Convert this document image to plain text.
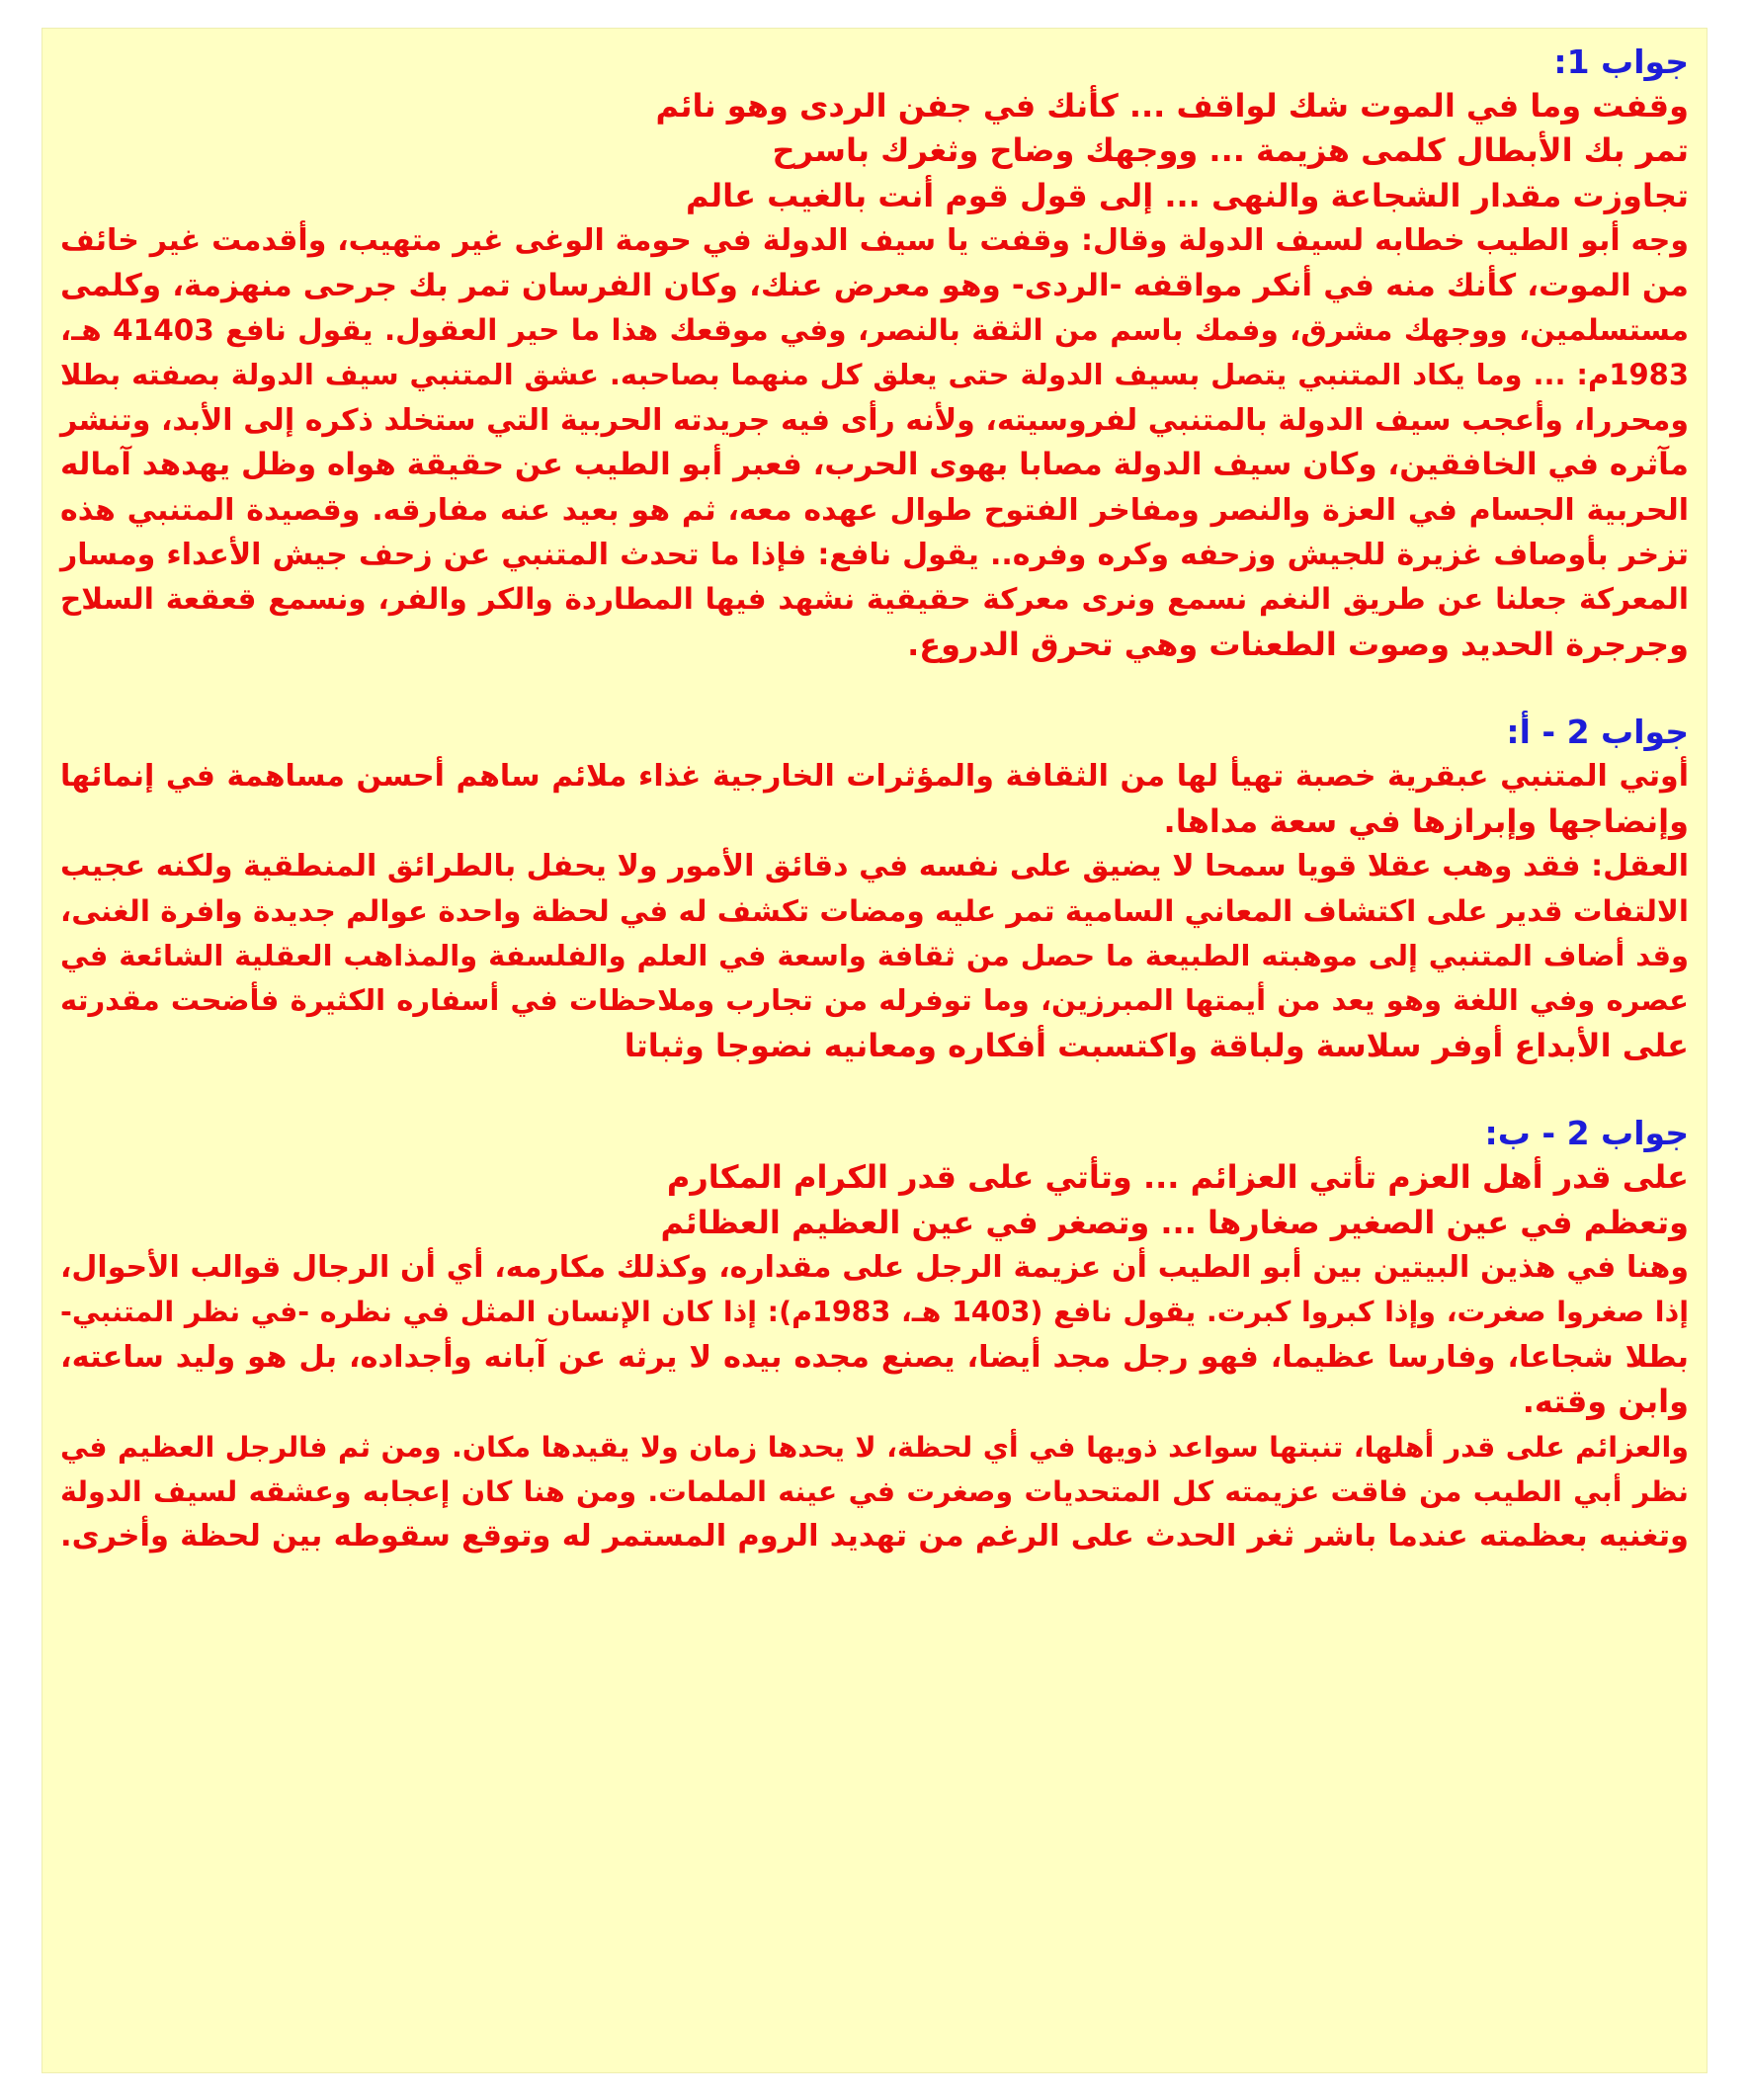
جواب 1:

وقفت وما في الموت شك لواقف ... كأنك في جفن الردى وهو نائم

تمر بك الأبطال كلمى هزيمة ... ووجهك وضاح وثغرك باسرح

تجاوزت مقدار الشجاعة والنهى ... إلى قول قوم أنت بالغيب عالم

وجه أبو الطيب خطابه لسيف الدولة وقال: وقفت يا سيف الدولة في حومة الوغى غير متهيب، وأقدمت غير خائف

من الموت، كأنك منه في أنكر مواقفه -الردى- وهو معرض عنك، وكان الفرسان تمر بك جرحى منهزمة، وكلمى

مستسلمين، ووجهك مشرق، وفمك باسم من الثقة بالنصر، وفي موقعك هذا ما حير العقول. يقول نافع 41403 هـ،

1983م: ... وما يكاد المتنبي يتصل بسيف الدولة حتى يعلق كل منهما بصاحبه. عشق المتنبي سيف الدولة بصفته بطلا

ومحررا، وأعجب سيف الدولة بالمتنبي لفروسيته، ولأنه رأى فيه جريدته الحربية التي ستخلد ذكره إلى الأبد، وتنشر

مآثره في الخافقين، وكان سيف الدولة مصابا بهوى الحرب، فعبر أبو الطيب عن حقيقة هواه وظل يهدهد آماله

الحربية الجسام في العزة والنصر ومفاخر الفتوح طوال عهده معه، ثم هو بعيد عنه مفارقه. وقصيدة المتنبي هذه

تزخر بأوصاف غزيرة للجيش وزحفه وكره وفره.. يقول نافع: فإذا ما تحدث المتنبي عن زحف جيش الأعداء ومسار

المعركة جعلنا عن طريق النغم نسمع ونرى معركة حقيقية نشهد فيها المطاردة والكر والفر، ونسمع قعقعة السلاح

وجرجرة الحديد وصوت الطعنات وهي تحرق الدروع.

جواب 2 - أ:

أوتي المتنبي عبقرية خصبة تهيأ لها من الثقافة والمؤثرات الخارجية غذاء ملائم ساهم أحسن مساهمة في إنمائها

وإنضاجها وإبرازها في سعة مداها.

العقل: فقد وهب عقلا قويا سمحا لا يضيق على نفسه في دقائق الأمور ولا يحفل بالطرائق المنطقية ولكنه عجيب

الالتفات قدير على اكتشاف المعاني السامية تمر عليه ومضات تكشف له في لحظة واحدة عوالم جديدة وافرة الغنى،

وقد أضاف المتنبي إلى موهبته الطبيعة ما حصل من ثقافة واسعة في العلم والفلسفة والمذاهب العقلية الشائعة في

عصره وفي اللغة وهو يعد من أيمتها المبرزين، وما توفرله من تجارب وملاحظات في أسفاره الكثيرة فأضحت مقدرته

على الأبداع أوفر سلاسة ولباقة واكتسبت أفكاره ومعانيه نضوجا وثباتا

جواب 2 - ب:

على قدر أهل العزم تأتي العزائم ... وتأتي على قدر الكرام المكارم

وتعظم في عين الصغير صغارها ... وتصغر في عين العظيم العظائم

وهنا في هذين البيتين بين أبو الطيب أن عزيمة الرجل على مقداره، وكذلك مكارمه، أي أن الرجال قوالب الأحوال،

إذا صغروا صغرت، وإذا كبروا كبرت. يقول نافع (1403 هـ، 1983م): إذا كان الإنسان المثل في نظره -في نظر المتنبي-

بطلا شجاعا، وفارسا عظيما، فهو رجل مجد أيضا، يصنع مجده بيده لا يرثه عن آبانه وأجداده، بل هو وليد ساعته،

وابن وقته.

والعزائم على قدر أهلها، تنبتها سواعد ذويها في أي لحظة، لا يحدها زمان ولا يقيدها مكان. ومن ثم فالرجل العظيم في

نظر أبي الطيب من فاقت عزيمته كل المتحديات وصغرت في عينه الملمات. ومن هنا كان إعجابه وعشقه لسيف الدولة

وتغنيه بعظمته عندما باشر ثغر الحدث على الرغم من تهديد الروم المستمر له وتوقع سقوطه بين لحظة وأخرى.
